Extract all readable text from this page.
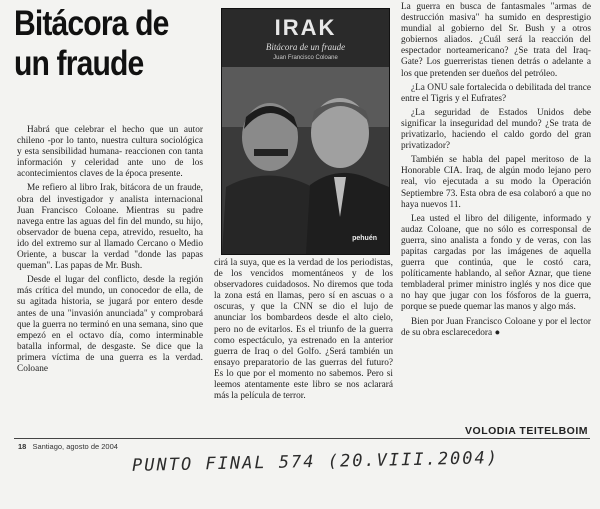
Bitácora de
un fraude

Habrá que celebrar el hecho que un autor chileno -por lo tanto, nuestra cultura sociológica y esta sensibilidad humana- reaccionen con tanta información y celeridad ante uno de los acontecimientos claves de la época presente.

Me refiero al libro Irak, bitácora de un fraude, obra del investigador y analista internacional Juan Francisco Coloane. Mientras su padre navega entre las aguas del fin del mundo, su hijo, observador de buena cepa, atrevido, resuelto, ha ido del extremo sur al llamado Cercano o Medio Oriente, a buscar la verdad "donde las papas queman". Las papas de Mr. Bush.

Desde el lugar del conflicto, desde la región más crítica del mundo, un conocedor de ella, de su agitada historia, se jugará por entero desde antes de una "invasión anunciada" y comprobará que la guerra no terminó en una semana, sino que empezó en el octavo día, como interminable batalla informal, de desgaste. Se dice que la primera víctima de una guerra es la verdad. Coloane

IRAK
Bitácora de un fraude
Juan Francisco Coloane
pehuén

cirá la suya, que es la verdad de los periodistas, de los vencidos momentáneos y de los observadores cuidadosos. No diremos que toda la zona está en llamas, pero sí en ascuas o a oscuras, y que la CNN se dio el lujo de anunciar los bombardeos desde el alto cielo, pero no de evitarlos. Es el triunfo de la guerra como espectáculo, ya estrenado en la anterior guerra de Iraq o del Golfo. ¿Será también un ensayo preparatorio de las guerras del futuro? Es lo que por el momento no sabemos. Pero si leemos atentamente este libro se nos aclarará más la película de terror.

La guerra en busca de fantasmales "armas de destrucción masiva" ha sumido en desprestigio mundial al gobierno del Sr. Bush y a otros gobiernos aliados. ¿Cuál será la reacción del espectador norteamericano? ¿Se trata del Iraq-Gate? Los guerreristas tienen detrás o adelante a los que pretenden ser dueños del petróleo.

¿La ONU sale fortalecida o debilitada del trance entre el Tigris y el Eufrates?

¿La seguridad de Estados Unidos debe significar la inseguridad del mundo? ¿Se trata de privatizarlo, haciendo el caldo gordo del gran privatizador?

También se habla del papel meritoso de la Honorable CIA. Iraq, de algún modo lejano pero real, vio ejecutada a su modo la Operación Septiembre 73. Esta obra de esa colaboró a que no haya nuevos 11.

Lea usted el libro del diligente, informado y audaz Coloane, que no sólo es corresponsal de guerra, sino analista a fondo y de veras, con las papitas cargadas por las imágenes de aquella guerra que continúa, que le costó cara, políticamente hablando, al señor Aznar, que tiene tembladeral primer ministro inglés y nos dice que no hay que jugar con los fósforos de la guerra, porque se puede quemar las manos y algo más.

Bien por Juan Francisco Coloane y por el lector de su obra esclarecedora ●

VOLODIA TEITELBOIM
18 Santiago, agosto de 2004
PUNTO FINAL 574 (20.VIII.2004)
